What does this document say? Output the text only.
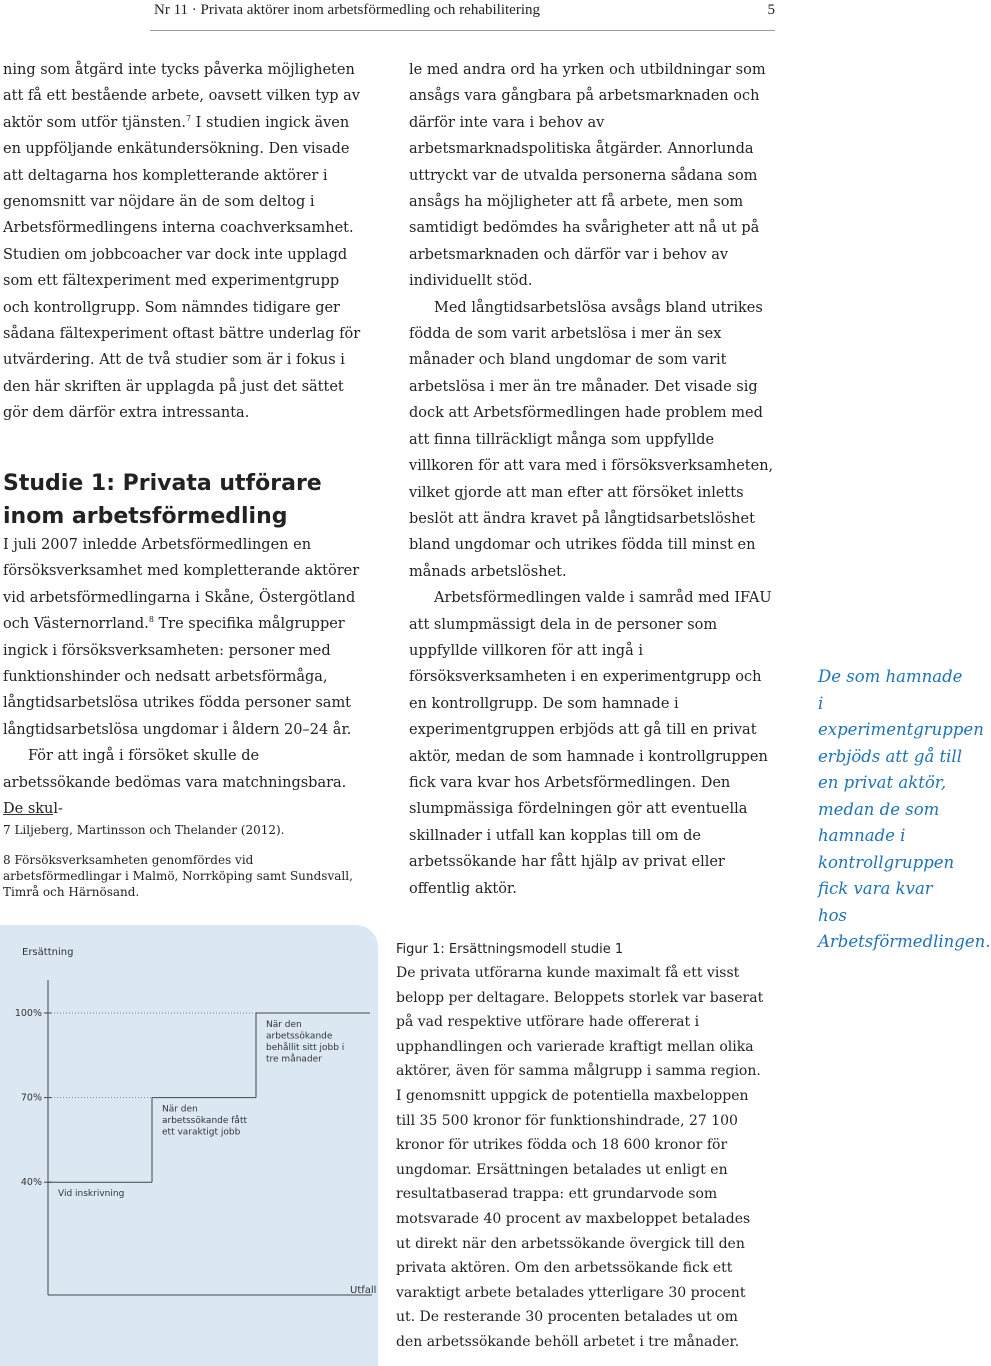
Nr 11 · Privata aktörer inom arbetsförmedling och rehabilitering	5

ning som åtgärd inte tycks påverka möjligheten att få ett bestående arbete, oavsett vilken typ av aktör som utför tjänsten.$^7$ I studien ingick även en uppföljande enkätundersökning. Den visade att deltagarna hos kompletterande aktörer i genomsnitt var nöjdare än de som deltog i Arbetsförmedlingens interna coachverksamhet. Studien om jobbcoacher var dock inte upplagd som ett fältexperiment med experimentgrupp och kontrollgrupp. Som nämndes tidigare ger sådana fältexperiment oftast bättre underlag för utvärdering. Att de två studier som är i fokus i den här skriften är upplagda på just det sättet gör dem därför extra intressanta.

Studie 1: Privata utförare inom arbetsförmedling

I juli 2007 inledde Arbetsförmedlingen en försöksverksamhet med kompletterande aktörer vid arbetsförmedlingarna i Skåne, Östergötland och Västernorrland.$^8$ Tre specifika målgrupper ingick i försöksverksamheten: personer med funktionshinder och nedsatt arbetsförmåga, långtidsarbetslösa utrikes födda personer samt långtidsarbetslösa ungdomar i åldern 20–24 år.

För att ingå i försöket skulle de arbetssökande bedömas vara matchningsbara. De skul-

7 Liljeberg, Martinsson och Thelander (2012).
8 Försöksverksamheten genomfördes vid arbetsförmedlingar i Malmö, Norrköping samt Sundsvall, Timrå och Härnösand.

le med andra ord ha yrken och utbildningar som ansågs vara gångbara på arbetsmarknaden och därför inte vara i behov av arbetsmarknadspolitiska åtgärder. Annorlunda uttryckt var de utvalda personerna sådana som ansågs ha möjligheter att få arbete, men som samtidigt bedömdes ha svårigheter att nå ut på arbetsmarknaden och därför var i behov av individuellt stöd.

Med långtidsarbetslösa avsågs bland utrikes födda de som varit arbetslösa i mer än sex månader och bland ungdomar de som varit arbetslösa i mer än tre månader. Det visade sig dock att Arbetsförmedlingen hade problem med att finna tillräckligt många som uppfyllde villkoren för att vara med i försöksverksamheten, vilket gjorde att man efter att försöket inletts beslöt att ändra kravet på långtidsarbetslöshet bland ungdomar och utrikes födda till minst en månads arbetslöshet.

Arbetsförmedlingen valde i samråd med IFAU att slumpmässigt dela in de personer som uppfyllde villkoren för att ingå i försöksverksamheten i en experimentgrupp och en kontrollgrupp. De som hamnade i experimentgruppen erbjöds att gå till en privat aktör, medan de som hamnade i kontrollgruppen fick vara kvar hos Arbetsförmedlingen. Den slumpmässiga fördelningen gör att eventuella skillnader i utfall kan kopplas till om de arbetssökande har fått hjälp av privat eller offentlig aktör.

De som hamnade i experimentgruppen erbjöds att gå till en privat aktör, medan de som hamnade i kontrollgruppen fick vara kvar hos Arbetsförmedlingen.
Ersättning
Utfall
40%
70%
100%
Vid inskrivning
När den arbetssökande fått ett varaktigt jobb
När den arbetssökande behållit sitt jobb i tre månader
Figur 1: Ersättningsmodell studie 1

De privata utförarna kunde maximalt få ett visst belopp per deltagare. Beloppets storlek var baserat på vad respektive utförare hade offererat i upphandlingen och varierade kraftigt mellan olika aktörer, även för samma målgrupp i samma region. I genomsnitt uppgick de potentiella maxbeloppen till 35 500 kronor för funktionshindrade, 27 100 kronor för utrikes födda och 18 600 kronor för ungdomar. Ersättningen betalades ut enligt en resultatbaserad trappa: ett grundarvode som motsvarade 40 procent av maxbeloppet betalades ut direkt när den arbetssökande övergick till den privata aktören. Om den arbetssökande fick ett varaktigt arbete betalades ytterligare 30 procent ut. De resterande 30 procenten betalades ut om den arbetssökande behöll arbetet i tre månader.
